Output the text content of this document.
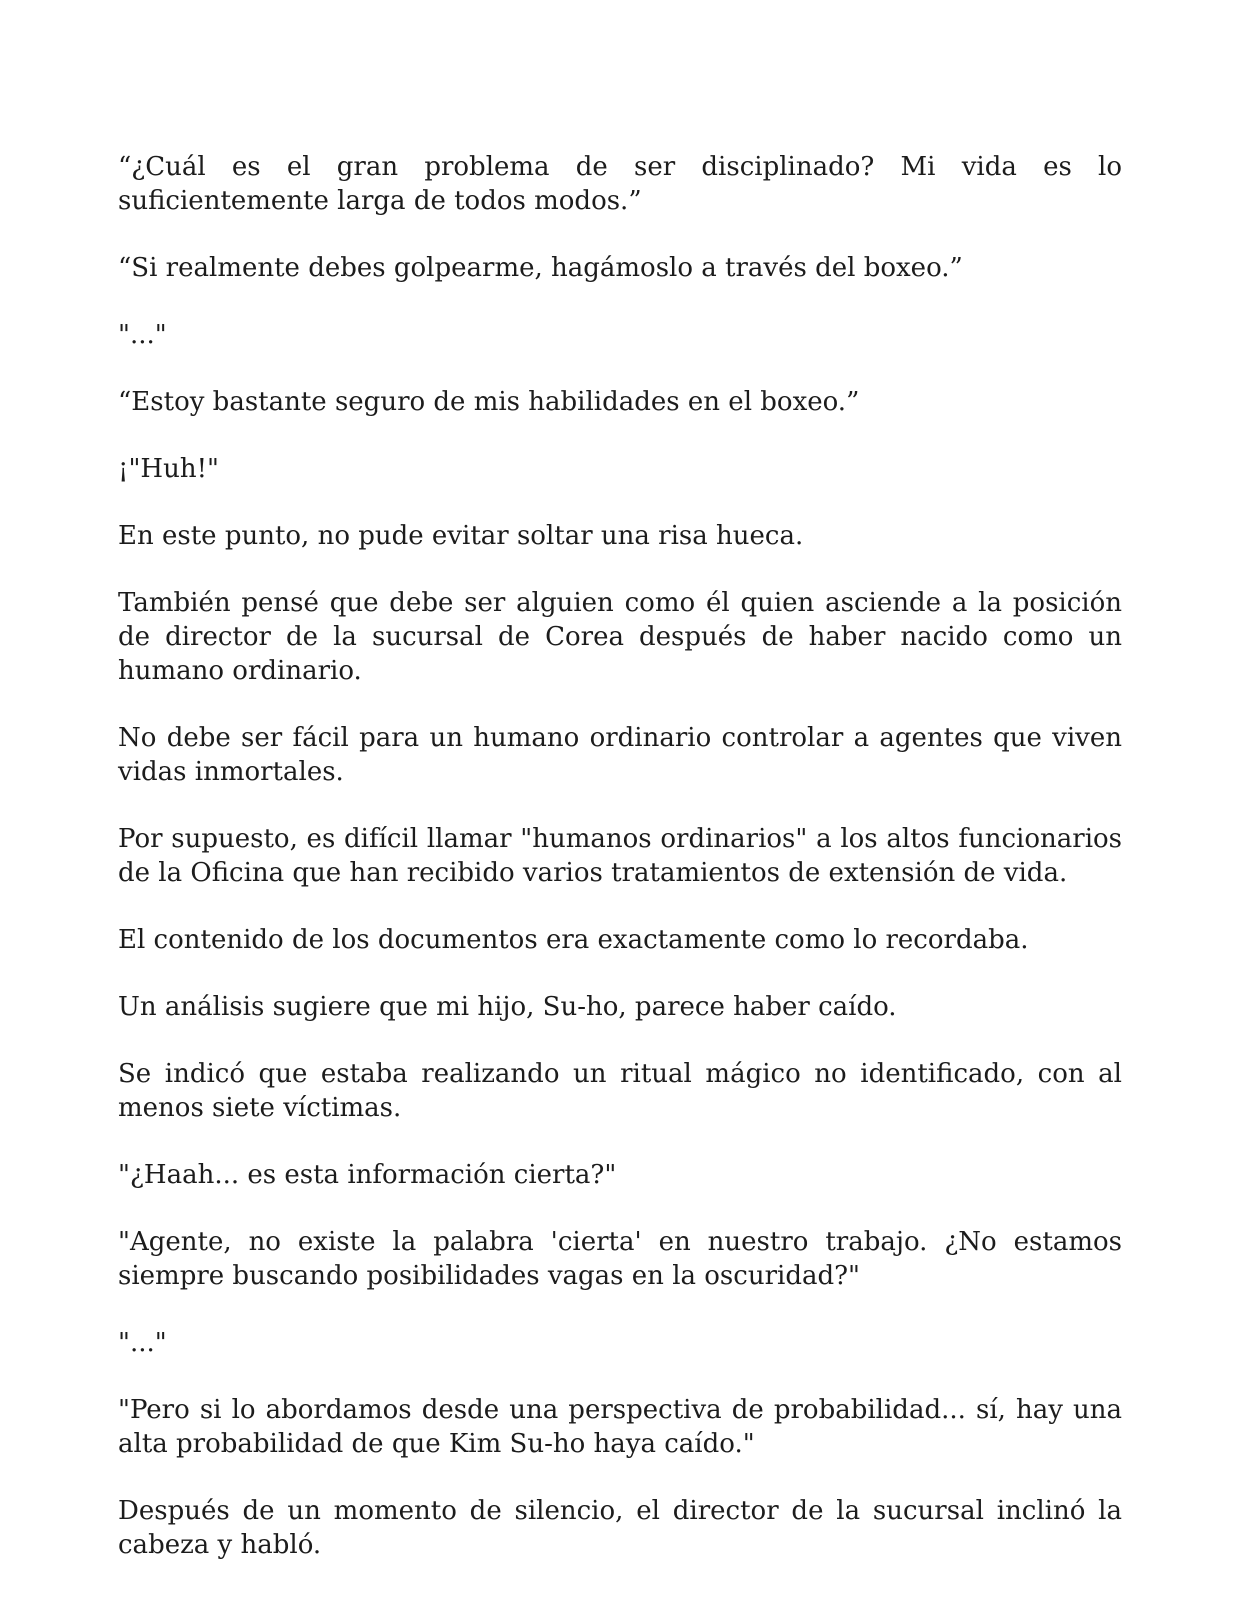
“¿Cuál es el gran problema de ser disciplinado? Mi vida es lo suficientemente larga de todos modos.”

“Si realmente debes golpearme, hagámoslo a través del boxeo.”

"..."

“Estoy bastante seguro de mis habilidades en el boxeo.”

¡"Huh!"

En este punto, no pude evitar soltar una risa hueca.

También pensé que debe ser alguien como él quien asciende a la posición de director de la sucursal de Corea después de haber nacido como un humano ordinario.

No debe ser fácil para un humano ordinario controlar a agentes que viven vidas inmortales.

Por supuesto, es difícil llamar "humanos ordinarios" a los altos funcionarios de la Oficina que han recibido varios tratamientos de extensión de vida.

El contenido de los documentos era exactamente como lo recordaba.

Un análisis sugiere que mi hijo, Su-ho, parece haber caído.

Se indicó que estaba realizando un ritual mágico no identificado, con al menos siete víctimas.

"¿Haah... es esta información cierta?"

"Agente, no existe la palabra 'cierta' en nuestro trabajo. ¿No estamos siempre buscando posibilidades vagas en la oscuridad?"

"..."

"Pero si lo abordamos desde una perspectiva de probabilidad... sí, hay una alta probabilidad de que Kim Su-ho haya caído."

Después de un momento de silencio, el director de la sucursal inclinó la cabeza y habló.
